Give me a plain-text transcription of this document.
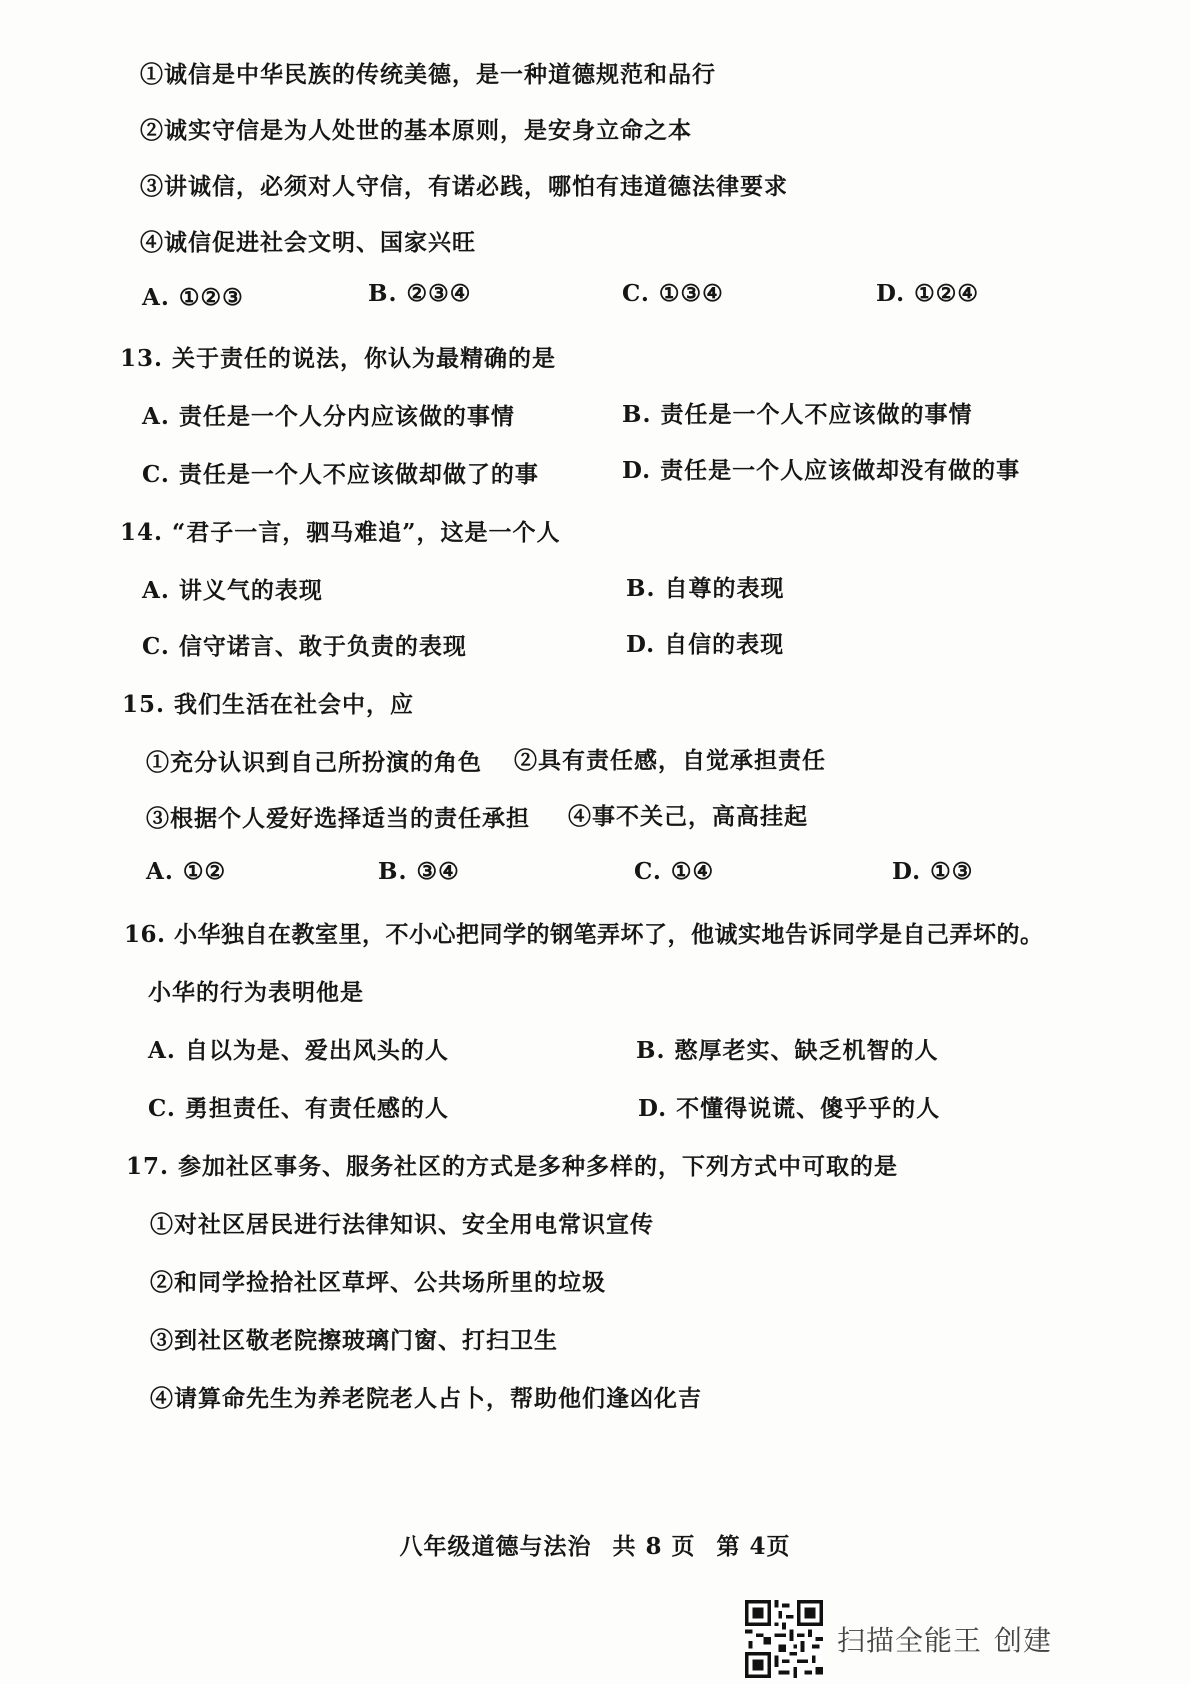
①诚信是中华民族的传统美德，是一种道德规范和品行
②诚实守信是为人处世的基本原则，是安身立命之本
③讲诚信，必须对人守信，有诺必践，哪怕有违道德法律要求
④诚信促进社会文明、国家兴旺
A. ①②③	B. ②③④	C. ①③④	D. ①②④
13. 关于责任的说法，你认为最精确的是
A. 责任是一个人分内应该做的事情	B. 责任是一个人不应该做的事情
C. 责任是一个人不应该做却做了的事	D. 责任是一个人应该做却没有做的事
14. “君子一言，驷马难追”，这是一个人
A. 讲义气的表现	B. 自尊的表现
C. 信守诺言、敢于负责的表现	D. 自信的表现
15. 我们生活在社会中，应
①充分认识到自己所扮演的角色 ②具有责任感，自觉承担责任
③根据个人爱好选择适当的责任承担 ④事不关己，高高挂起
A. ①②	B. ③④	C. ①④	D. ①③
16. 小华独自在教室里，不小心把同学的钢笔弄坏了，他诚实地告诉同学是自己弄坏的。
小华的行为表明他是
A. 自以为是、爱出风头的人	B. 憨厚老实、缺乏机智的人
C. 勇担责任、有责任感的人	D. 不懂得说谎、傻乎乎的人
17. 参加社区事务、服务社区的方式是多种多样的，下列方式中可取的是
①对社区居民进行法律知识、安全用电常识宣传
②和同学捡拾社区草坪、公共场所里的垃圾
③到社区敬老院擦玻璃门窗、打扫卫生
④请算命先生为养老院老人占卜，帮助他们逢凶化吉
八年级道德与法治 共 8 页 第 4页
扫描全能王 创建
